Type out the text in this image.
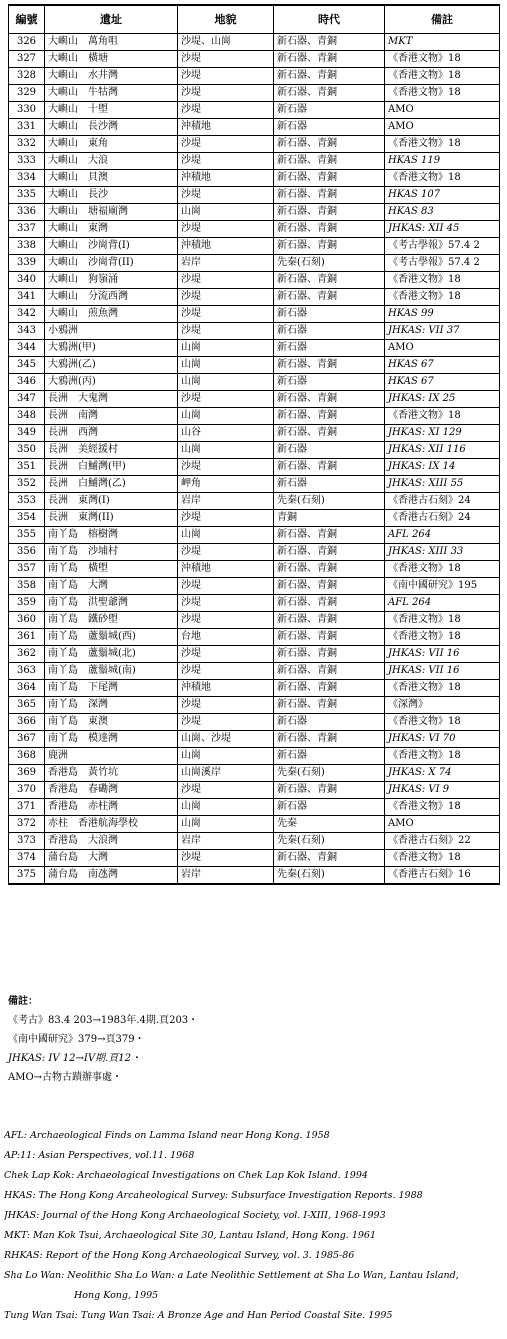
編號	遺址	地貌	時代	備註
326	大嶼山　萬角咀	沙堤、山崗	新石器、青銅	MKT
327	大嶼山　橫塘	沙堤	新石器、青銅	《香港文物》18
328	大嶼山　水井灣	沙堤	新石器、青銅	《香港文物》18
329	大嶼山　牛牯灣	沙堤	新石器、青銅	《香港文物》18
330	大嶼山　十塱	沙堤	新石器	AMO
331	大嶼山　長沙灣	沖積地	新石器	AMO
332	大嶼山　東角	沙堤	新石器、青銅	《香港文物》18
333	大嶼山　大浪	沙堤	新石器、青銅	HKAS 119
334	大嶼山　貝澳	沖積地	新石器、青銅	《香港文物》18
335	大嶼山　長沙	沙堤	新石器、青銅	HKAS 107
336	大嶼山　塘福廟灣	山崗	新石器、青銅	HKAS 83
337	大嶼山　東灣	沙堤	新石器、青銅	JHKAS: XII 45
338	大嶼山　沙崗背(I)	沖積地	新石器、青銅	《考古學報》57.4 2
339	大嶼山　沙崗背(II)	岩岸	先秦(石刻)	《考古學報》57.4 2
340	大嶼山　狗嶺涌	沙堤	新石器、青銅	《香港文物》18
341	大嶼山　分流西灣	沙堤	新石器、青銅	《香港文物》18
342	大嶼山　煎魚灣	沙堤	新石器	HKAS 99
343	小鴉洲	沙堤	新石器	JHKAS: VII 37
344	大鴉洲(甲)	山崗	新石器	AMO
345	大鴉洲(乙)	山崗	新石器、青銅	HKAS 67
346	大鴉洲(丙)	山崗	新石器	HKAS 67
347	長洲　大鬼灣	沙堤	新石器、青銅	JHKAS: IX 25
348	長洲　南灣	山崗	新石器、青銅	《香港文物》18
349	長洲　西灣	山谷	新石器、青銅	JHKAS: XI 129
350	長洲　美經援村	山崗	新石器	JHKAS: XII 116
351	長洲　白鯆灣(甲)	沙堤	新石器、青銅	JHKAS: IX 14
352	長洲　白鯆灣(乙)	岬角	新石器	JHKAS: XIII 55
353	長洲　東灣(I)	岩岸	先秦(石刻)	《香港古石刻》24
354	長洲　東灣(II)	沙堤	青銅	《香港古石刻》24
355	南丫島　榕樹灣	山崗	新石器、青銅	AFL 264
356	南丫島　沙埔村	沙堤	新石器、青銅	JHKAS: XIII 33
357	南丫島　橫塱	沖積地	新石器、青銅	《香港文物》18
358	南丫島　大灣	沙堤	新石器、青銅	《南中國研究》195
359	南丫島　洪聖爺灣	沙堤	新石器、青銅	AFL 264
360	南丫島　鐵砂塱	沙堤	新石器、青銅	《香港文物》18
361	南丫島　蘆鬚城(西)	台地	新石器、青銅	《香港文物》18
362	南丫島　蘆鬚城(北)	沙堤	新石器、青銅	JHKAS: VII 16
363	南丫島　蘆鬚城(南)	沙堤	新石器、青銅	JHKAS: VII 16
364	南丫島　下尾灣	沖積地	新石器、青銅	《香港文物》18
365	南丫島　深灣	沙堤	新石器、青銅	《深灣》
366	南丫島　東澳	沙堤	新石器	《香港文物》18
367	南丫島　模達灣	山崗、沙堤	新石器、青銅	JHKAS: VI 70
368	鹿洲	山崗	新石器	《香港文物》18
369	香港島　黃竹坑	山崗溪岸	先秦(石刻)	JHKAS: X 74
370	香港島　春磡灣	沙堤	新石器、青銅	JHKAS: VI 9
371	香港島　赤柱灣	山崗	新石器	《香港文物》18
372	赤柱　香港航海學校	山崗	先秦	AMO
373	香港島　大浪灣	岩岸	先秦(石刻)	《香港古石刻》22
374	蒲台島　大灣	沙堤	新石器、青銅	《香港文物》18
375	蒲台島　南氹灣	岩岸	先秦(石刻)	《香港古石刻》16
備註：
《考古》83.4 203→1983年.4期.頁203・
《南中國研究》379→頁379・
JHKAS: IV 12→IV期.頁12・
AMO→古物古蹟辦事處・
AFL: Archaeological Finds on Lamma Island near Hong Kong. 1958
AP:11: Asian Perspectives, vol.11. 1968
Chek Lap Kok: Archaeological Investigations on Chek Lap Kok Island. 1994
HKAS: The Hong Kong Arcaheological Survey: Subsurface Investigation Reports. 1988
JHKAS: Journal of the Hong Kong Archaeological Society, vol. I-XIII, 1968-1993
MKT: Man Kok Tsui, Archaeological Site 30, Lantau Island, Hong Kong. 1961
RHKAS: Report of the Hong Kong Archaeological Survey, vol. 3. 1985-86
Sha Lo Wan: Neolithic Sha Lo Wan: a Late Neolithic Settlement at Sha Lo Wan, Lantau Island,
Hong Kong, 1995
Tung Wan Tsai: Tung Wan Tsai: A Bronze Age and Han Period Coastal Site. 1995
